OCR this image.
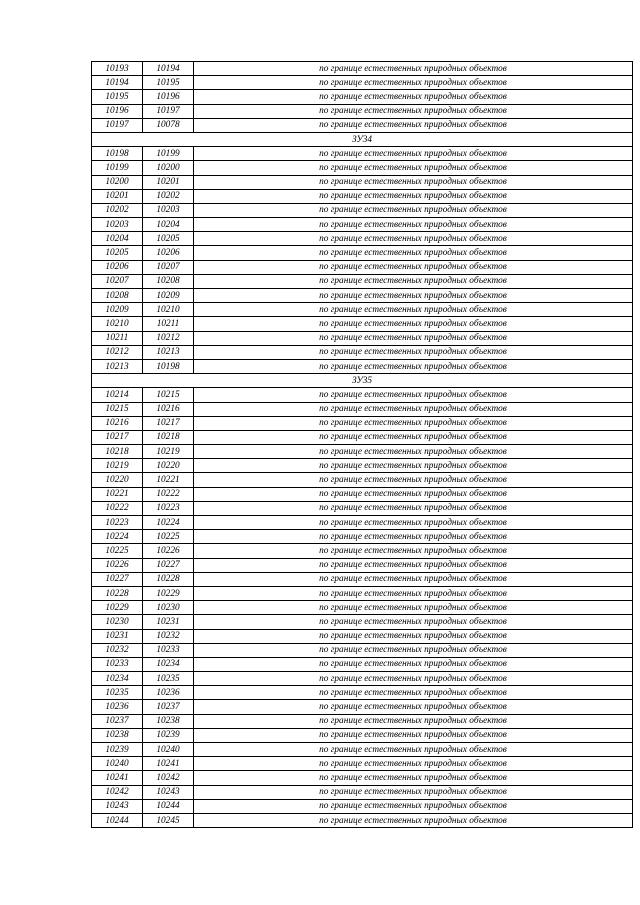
10193	10194	по границе естественных природных объектов
10194	10195	по границе естественных природных объектов
10195	10196	по границе естественных природных объектов
10196	10197	по границе естественных природных объектов
10197	10078	по границе естественных природных объектов
ЗУ34		
10198	10199	по границе естественных природных объектов
10199	10200	по границе естественных природных объектов
10200	10201	по границе естественных природных объектов
10201	10202	по границе естественных природных объектов
10202	10203	по границе естественных природных объектов
10203	10204	по границе естественных природных объектов
10204	10205	по границе естественных природных объектов
10205	10206	по границе естественных природных объектов
10206	10207	по границе естественных природных объектов
10207	10208	по границе естественных природных объектов
10208	10209	по границе естественных природных объектов
10209	10210	по границе естественных природных объектов
10210	10211	по границе естественных природных объектов
10211	10212	по границе естественных природных объектов
10212	10213	по границе естественных природных объектов
10213	10198	по границе естественных природных объектов
ЗУ35		
10214	10215	по границе естественных природных объектов
10215	10216	по границе естественных природных объектов
10216	10217	по границе естественных природных объектов
10217	10218	по границе естественных природных объектов
10218	10219	по границе естественных природных объектов
10219	10220	по границе естественных природных объектов
10220	10221	по границе естественных природных объектов
10221	10222	по границе естественных природных объектов
10222	10223	по границе естественных природных объектов
10223	10224	по границе естественных природных объектов
10224	10225	по границе естественных природных объектов
10225	10226	по границе естественных природных объектов
10226	10227	по границе естественных природных объектов
10227	10228	по границе естественных природных объектов
10228	10229	по границе естественных природных объектов
10229	10230	по границе естественных природных объектов
10230	10231	по границе естественных природных объектов
10231	10232	по границе естественных природных объектов
10232	10233	по границе естественных природных объектов
10233	10234	по границе естественных природных объектов
10234	10235	по границе естественных природных объектов
10235	10236	по границе естественных природных объектов
10236	10237	по границе естественных природных объектов
10237	10238	по границе естественных природных объектов
10238	10239	по границе естественных природных объектов
10239	10240	по границе естественных природных объектов
10240	10241	по границе естественных природных объектов
10241	10242	по границе естественных природных объектов
10242	10243	по границе естественных природных объектов
10243	10244	по границе естественных природных объектов
10244	10245	по границе естественных природных объектов
